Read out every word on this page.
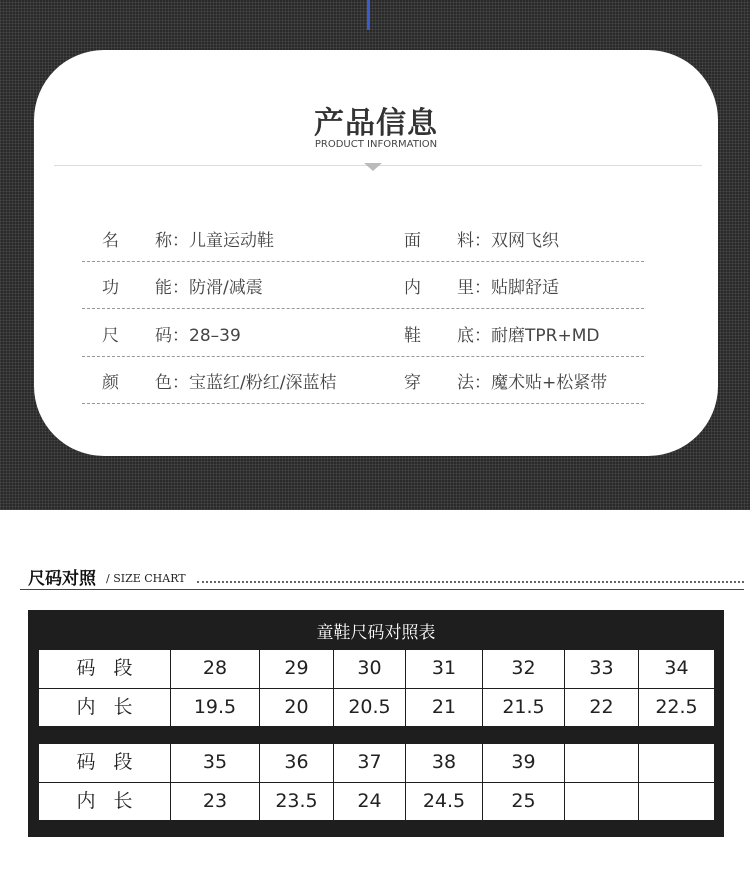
产品信息
PRODUCT INFORMATION
名 称：儿童运动鞋	面 料：双网飞织
功 能：防滑/减震	内 里：贴脚舒适
尺 码：28–39	鞋 底：耐磨TPR+MD
颜 色：宝蓝红/粉红/深蓝桔	穿 法：魔术贴+松紧带
尺码对照 / SIZE CHART
童鞋尺码对照表
码 段	28	29	30	31	32	33	34
内 长	19.5	20	20.5	21	21.5	22	22.5
码 段	35	36	37	38	39		
内 长	23	23.5	24	24.5	25		
